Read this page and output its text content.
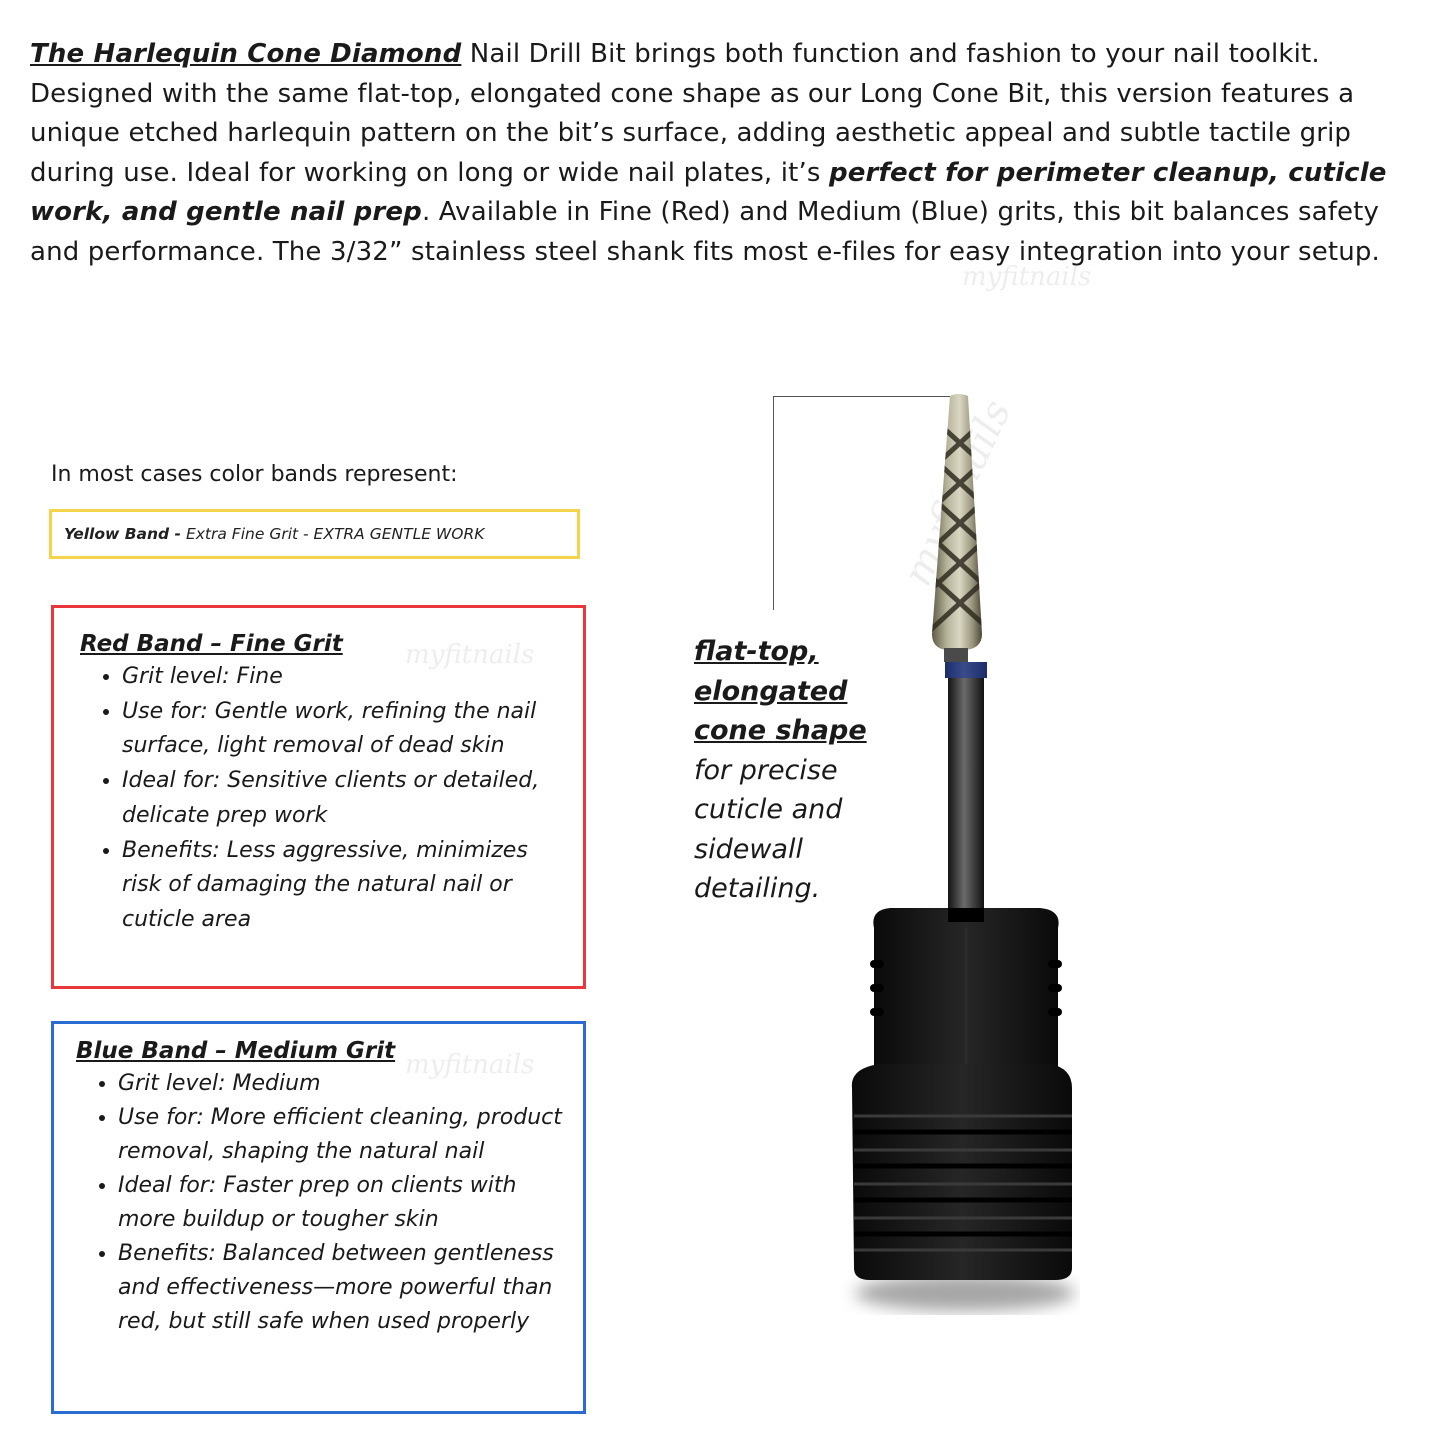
The Harlequin Cone Diamond Nail Drill Bit brings both function and fashion to your nail toolkit. Designed with the same flat-top, elongated cone shape as our Long Cone Bit, this version features a unique etched harlequin pattern on the bit’s surface, adding aesthetic appeal and subtle tactile grip during use. Ideal for working on long or wide nail plates, it’s perfect for perimeter cleanup, cuticle work, and gentle nail prep. Available in Fine (Red) and Medium (Blue) grits, this bit balances safety and performance. The 3/32” stainless steel shank fits most e-files for easy integration into your setup.

myfitnails
myfitnails
myfitnails

In most cases color bands represent:

Yellow Band - Extra Fine Grit - EXTRA GENTLE WORK
Red Band – Fine Grit
• Grit level: Fine
• Use for: Gentle work, refining the nail surface, light removal of dead skin
• Ideal for: Sensitive clients or detailed, delicate prep work
• Benefits: Less aggressive, minimizes risk of damaging the natural nail or cuticle area
Blue Band – Medium Grit
• Grit level: Medium
• Use for: More efficient cleaning, product removal, shaping the natural nail
• Ideal for: Faster prep on clients with more buildup or tougher skin
• Benefits: Balanced between gentleness and effectiveness—more powerful than red, but still safe when used properly

flat-top, elongated cone shape
for precise cuticle and sidewall detailing.
